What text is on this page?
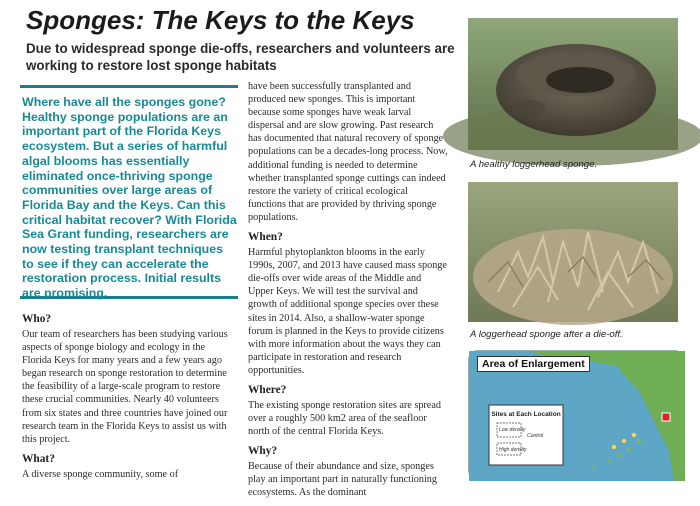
Sponges: The Keys to the Keys
Due to widespread sponge die-offs, researchers and volunteers are working to restore lost sponge habitats

Where have all the sponges gone? Healthy sponge populations are an important part of the Florida Keys ecosystem. But a series of harmful algal blooms has essentially eliminated once-thriving sponge communities over large areas of Florida Bay and the Keys. Can this critical habitat recover? With Florida Sea Grant funding, researchers are now testing transplant techniques to see if they can accelerate the restoration process. Initial results are promising.

Who?

Our team of researchers has been studying various aspects of sponge biology and ecology in the Florida Keys for many years and a few years ago began research on sponge restoration to determine the feasibility of a large-scale program to restore these crucial communities. Nearly 40 volunteers from six states and three countries have joined our research team in the Florida Keys to assist us with this project.

What?

A diverse sponge community, some of

have been successfully transplanted and produced new sponges. This is important because some sponges have weak larval dispersal and are slow growing. Past research has documented that natural recovery of sponge populations can be a decades-long process. Now, additional funding is needed to determine whether transplanted sponge cuttings can indeed restore the variety of critical ecological functions that are provided by thriving sponge populations.

When?

Harmful phytoplankton blooms in the early 1990s, 2007, and 2013 have caused mass sponge die-offs over wide areas of the Middle and Upper Keys. We will test the survival and growth of additional sponge species over these sites in 2014. Also, a shallow-water sponge forum is planned in the Keys to provide citizens with more information about the ways they can participate in restoration and research opportunities.

Where?

The existing sponge restoration sites are spread over a roughly 500 km2 area of the seafloor north of the central Florida Keys.

Why?

Because of their abundance and size, sponges play an important part in naturally functioning ecosystems. As the dominant

A healthy loggerhead sponge.
A loggerhead sponge after a die-off.
Sites at Each Location
Low density
Control
High density
Area of Enlargement
